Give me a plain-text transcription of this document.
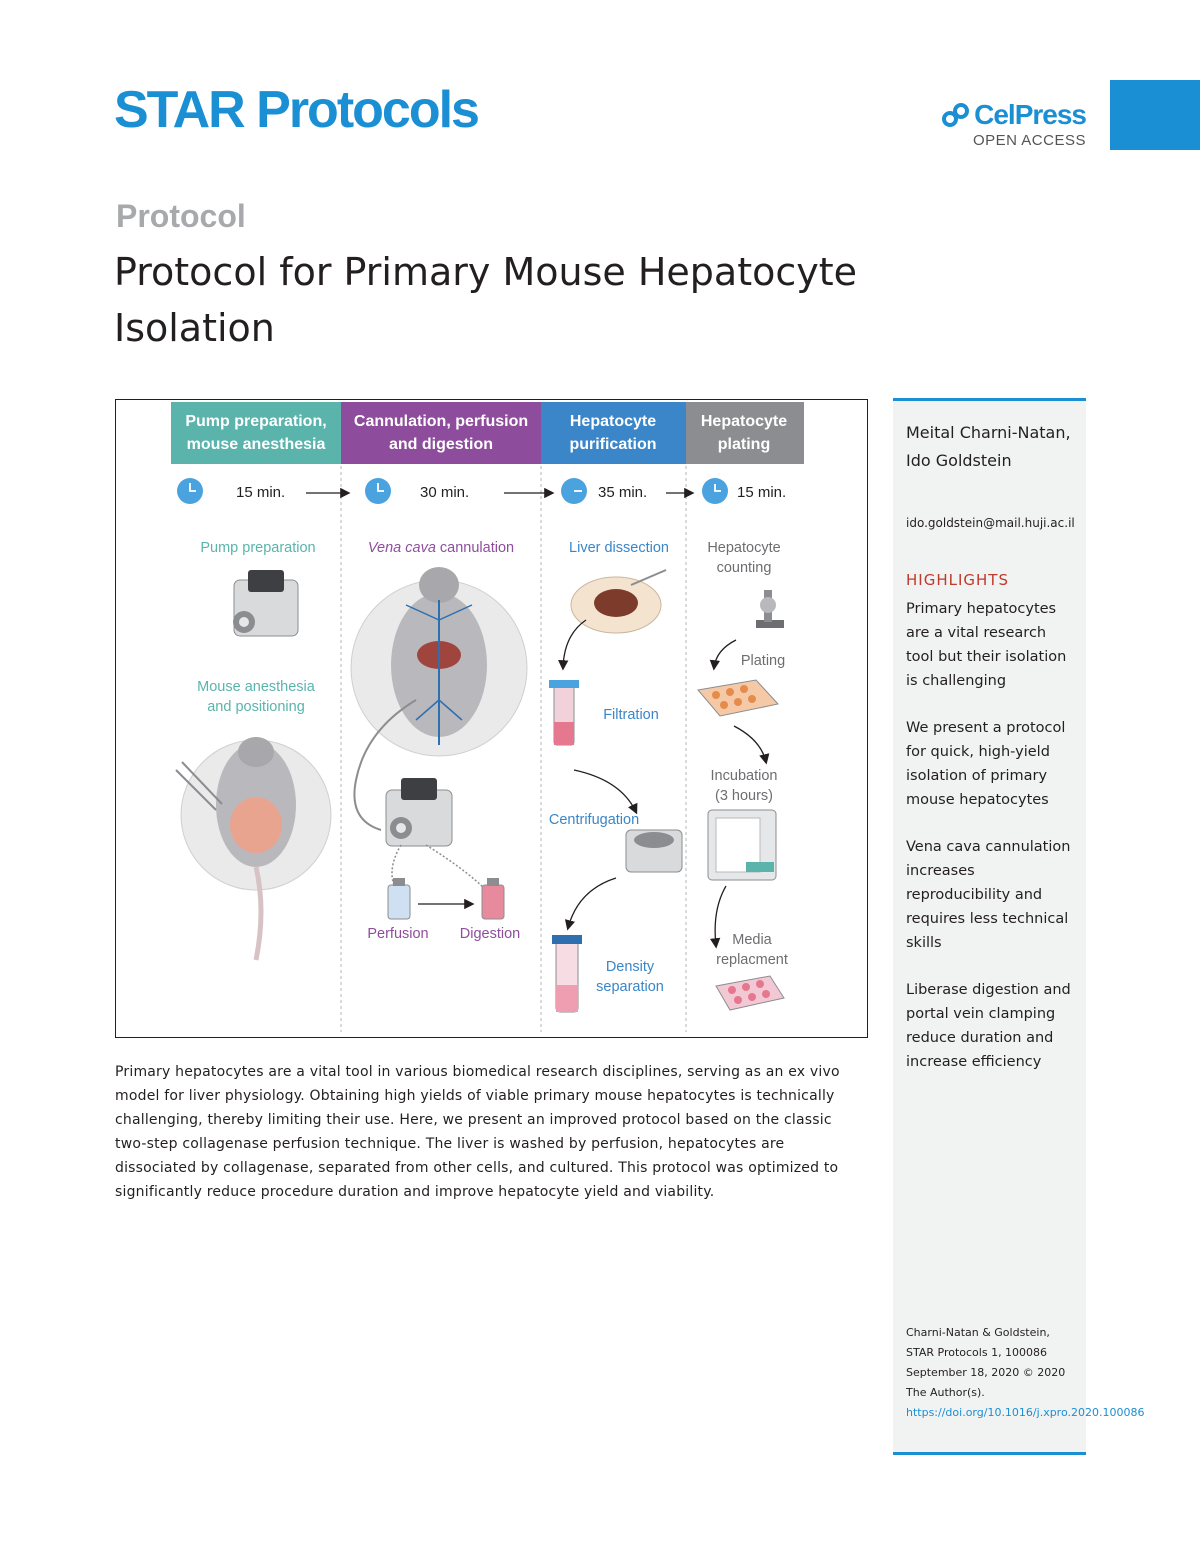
STAR Protocols	CelPress
OPEN ACCESS
Protocol
Protocol for Primary Mouse Hepatocyte Isolation
Pump preparation,
mouse anesthesia
Cannulation, perfusion
and digestion
Hepatocyte
purification
Hepatocyte
plating
15 min.	30 min.	35 min.	15 min.
Pump preparation
Mouse anesthesia
and positioning
Vena cava cannulation
Perfusion Digestion
Liver dissection
Filtration
Centrifugation
Density
separation
Hepatocyte
counting
Plating
Incubation
(3 hours)
Media
replacment
Primary hepatocytes are a vital tool in various biomedical research disciplines, serving as an ex vivo model for liver physiology. Obtaining high yields of viable primary mouse hepatocytes is technically challenging, thereby limiting their use. Here, we present an improved protocol based on the classic two-step collagenase perfusion technique. The liver is washed by perfusion, hepatocytes are dissociated by collagenase, separated from other cells, and cultured. This protocol was optimized to significantly reduce procedure duration and improve hepatocyte yield and viability.
Meital Charni-Natan, Ido Goldstein
ido.goldstein@mail.huji.ac.il
HIGHLIGHTS
Primary hepatocytes are a vital research tool but their isolation is challenging
We present a protocol for quick, high-yield isolation of primary mouse hepatocytes
Vena cava cannulation increases reproducibility and requires less technical skills
Liberase digestion and portal vein clamping reduce duration and increase efficiency
Charni-Natan & Goldstein, STAR Protocols 1, 100086 September 18, 2020 © 2020 The Author(s). https://doi.org/10.1016/j.xpro.2020.100086
